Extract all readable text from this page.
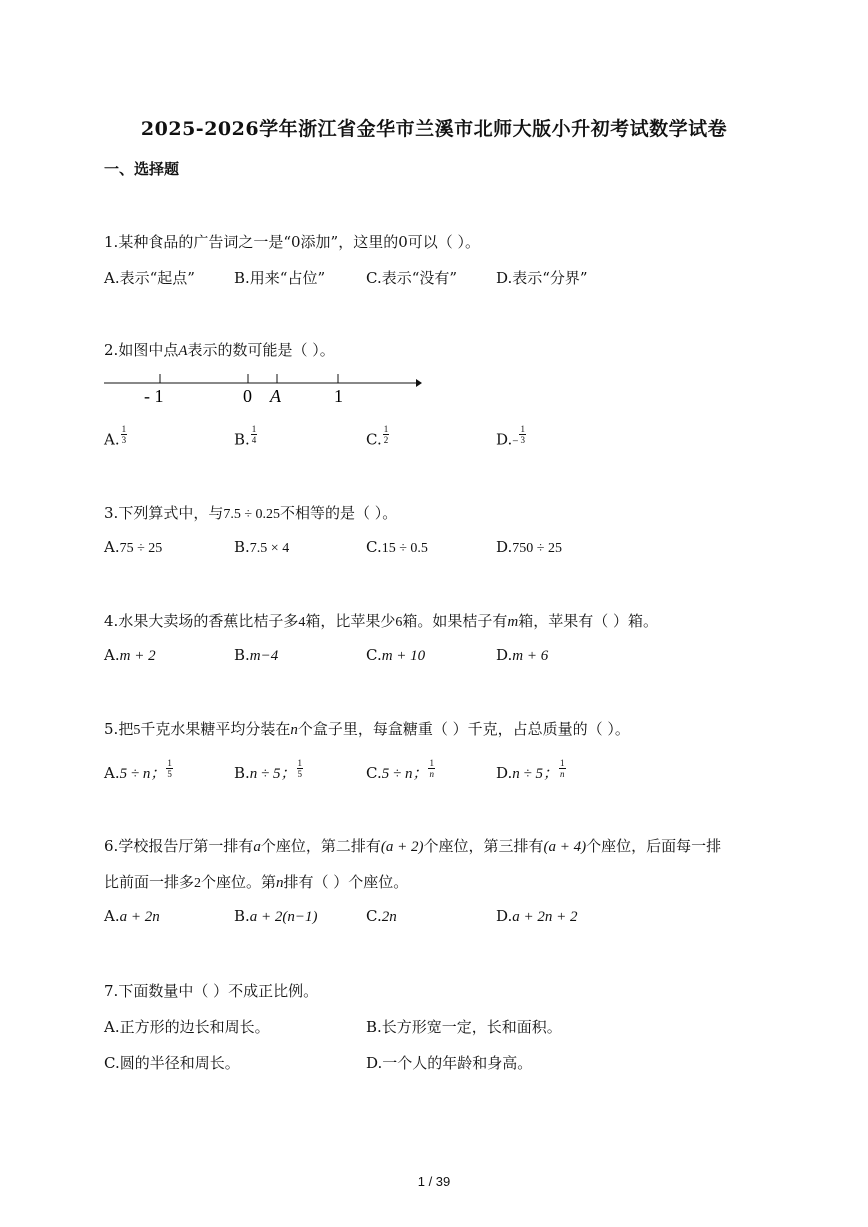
2025-2026学年浙江省金华市兰溪市北师大版小升初考试数学试卷
一、选择题
1.某种食品的广告词之一是“0添加”，这里的0可以（ ）。
A.表示“起点”	B.用来“占位”	C.表示“没有”	D.表示“分界”
2.如图中点A表示的数可能是（ ）。
- 1	0 A	1
A. $\frac{1}{3}$	B. $\frac{1}{4}$	C. $\frac{1}{2}$	$D.- \frac{1}{3}$
3.下列算式中，与7.5 ÷ 0.25不相等的是（ ）。
A.75 ÷ 25	B.7.5 × 4	C.15 ÷ 0.5	D.750 ÷ 25
4.水果大卖场的香蕉比桔子多4箱，比苹果少6箱。如果桔子有m箱，苹果有（ ）箱。
A.m + 2	B.m−4	C.m + 10	D.m + 6
5.把5千克水果糖平均分装在n个盒子里，每盒糖重（ ）千克，占总质量的（ ）。
A.5 ÷ n； $\frac{1}{5}$	B.n ÷ 5； $\frac{1}{5}$	C.5 ÷ n； $\frac{1}{n}$	D.n ÷ 5； $\frac{1}{n}$
6.学校报告厅第一排有a个座位，第二排有(a + 2)个座位，第三排有(a + 4)个座位，后面每一排
比前面一排多2个座位。第n排有（ ）个座位。
A.a + 2n	B.a + 2(n−1)	C.2n	D.a + 2n + 2
7.下面数量中（ ）不成正比例。
A.正方形的边长和周长。	B.长方形宽一定，长和面积。
C.圆的半径和周长。	D.一个人的年龄和身高。
1 / 39
